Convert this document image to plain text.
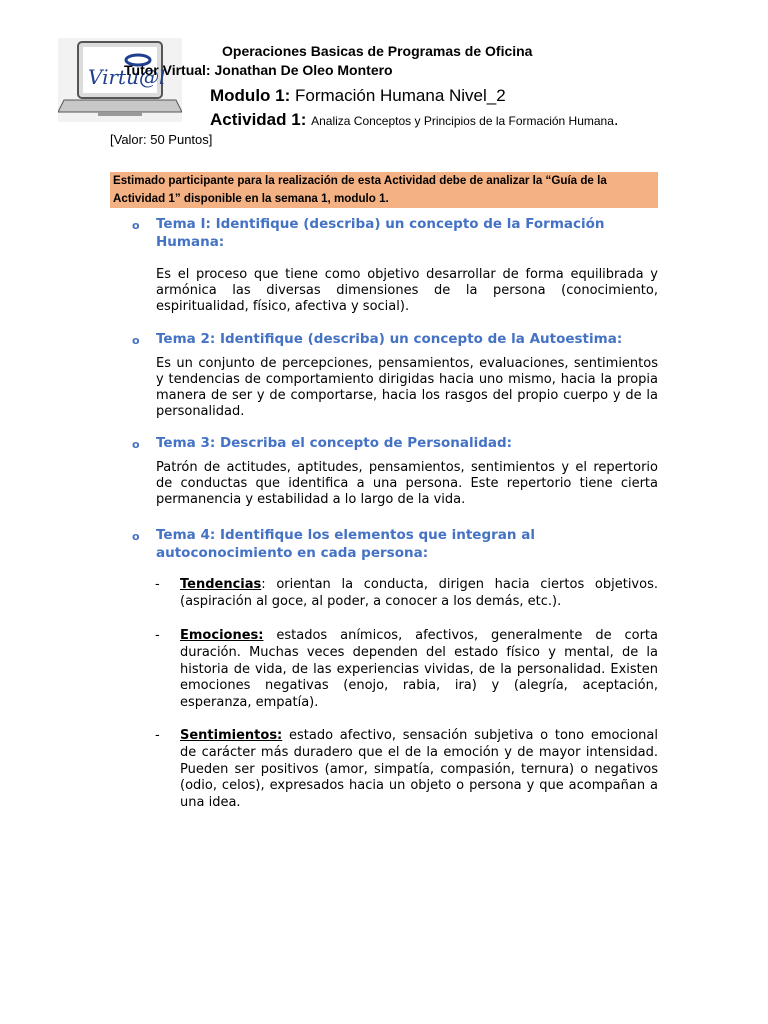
Virtu@l
Operaciones Basicas de Programas de Oficina
Tutor Virtual: Jonathan De Oleo Montero
Modulo 1: Formación Humana Nivel_2
Actividad 1: Analiza Conceptos y Principios de la Formación Humana.
[Valor: 50 Puntos]
Estimado participante para la realización de esta Actividad debe de analizar la “Guía de la Actividad 1” disponible en la semana 1, modulo 1.
o Tema I: Identifique (describa) un concepto de la Formación Humana:
Es el proceso que tiene como objetivo desarrollar de forma equilibrada y armónica las diversas dimensiones de la persona (conocimiento, espiritualidad, físico, afectiva y social).
o Tema 2: Identifique (describa) un concepto de la Autoestima:
Es un conjunto de percepciones, pensamientos, evaluaciones, sentimientos y tendencias de comportamiento dirigidas hacia uno mismo, hacia la propia manera de ser y de comportarse, hacia los rasgos del propio cuerpo y de la personalidad.
o Tema 3: Describa el concepto de Personalidad:
Patrón de actitudes, aptitudes, pensamientos, sentimientos y el repertorio de conductas que identifica a una persona. Este repertorio tiene cierta permanencia y estabilidad a lo largo de la vida.
o Tema 4: Identifique los elementos que integran al autoconocimiento en cada persona:
- Tendencias: orientan la conducta, dirigen hacia ciertos objetivos. (aspiración al goce, al poder, a conocer a los demás, etc.).
- Emociones: estados anímicos, afectivos, generalmente de corta duración. Muchas veces dependen del estado físico y mental, de la historia de vida, de las experiencias vividas, de la personalidad. Existen emociones negativas (enojo, rabia, ira) y (alegría, aceptación, esperanza, empatía).
- Sentimientos: estado afectivo, sensación subjetiva o tono emocional de carácter más duradero que el de la emoción y de mayor intensidad. Pueden ser positivos (amor, simpatía, compasión, ternura) o negativos (odio, celos), expresados hacia un objeto o persona y que acompañan a una idea.
